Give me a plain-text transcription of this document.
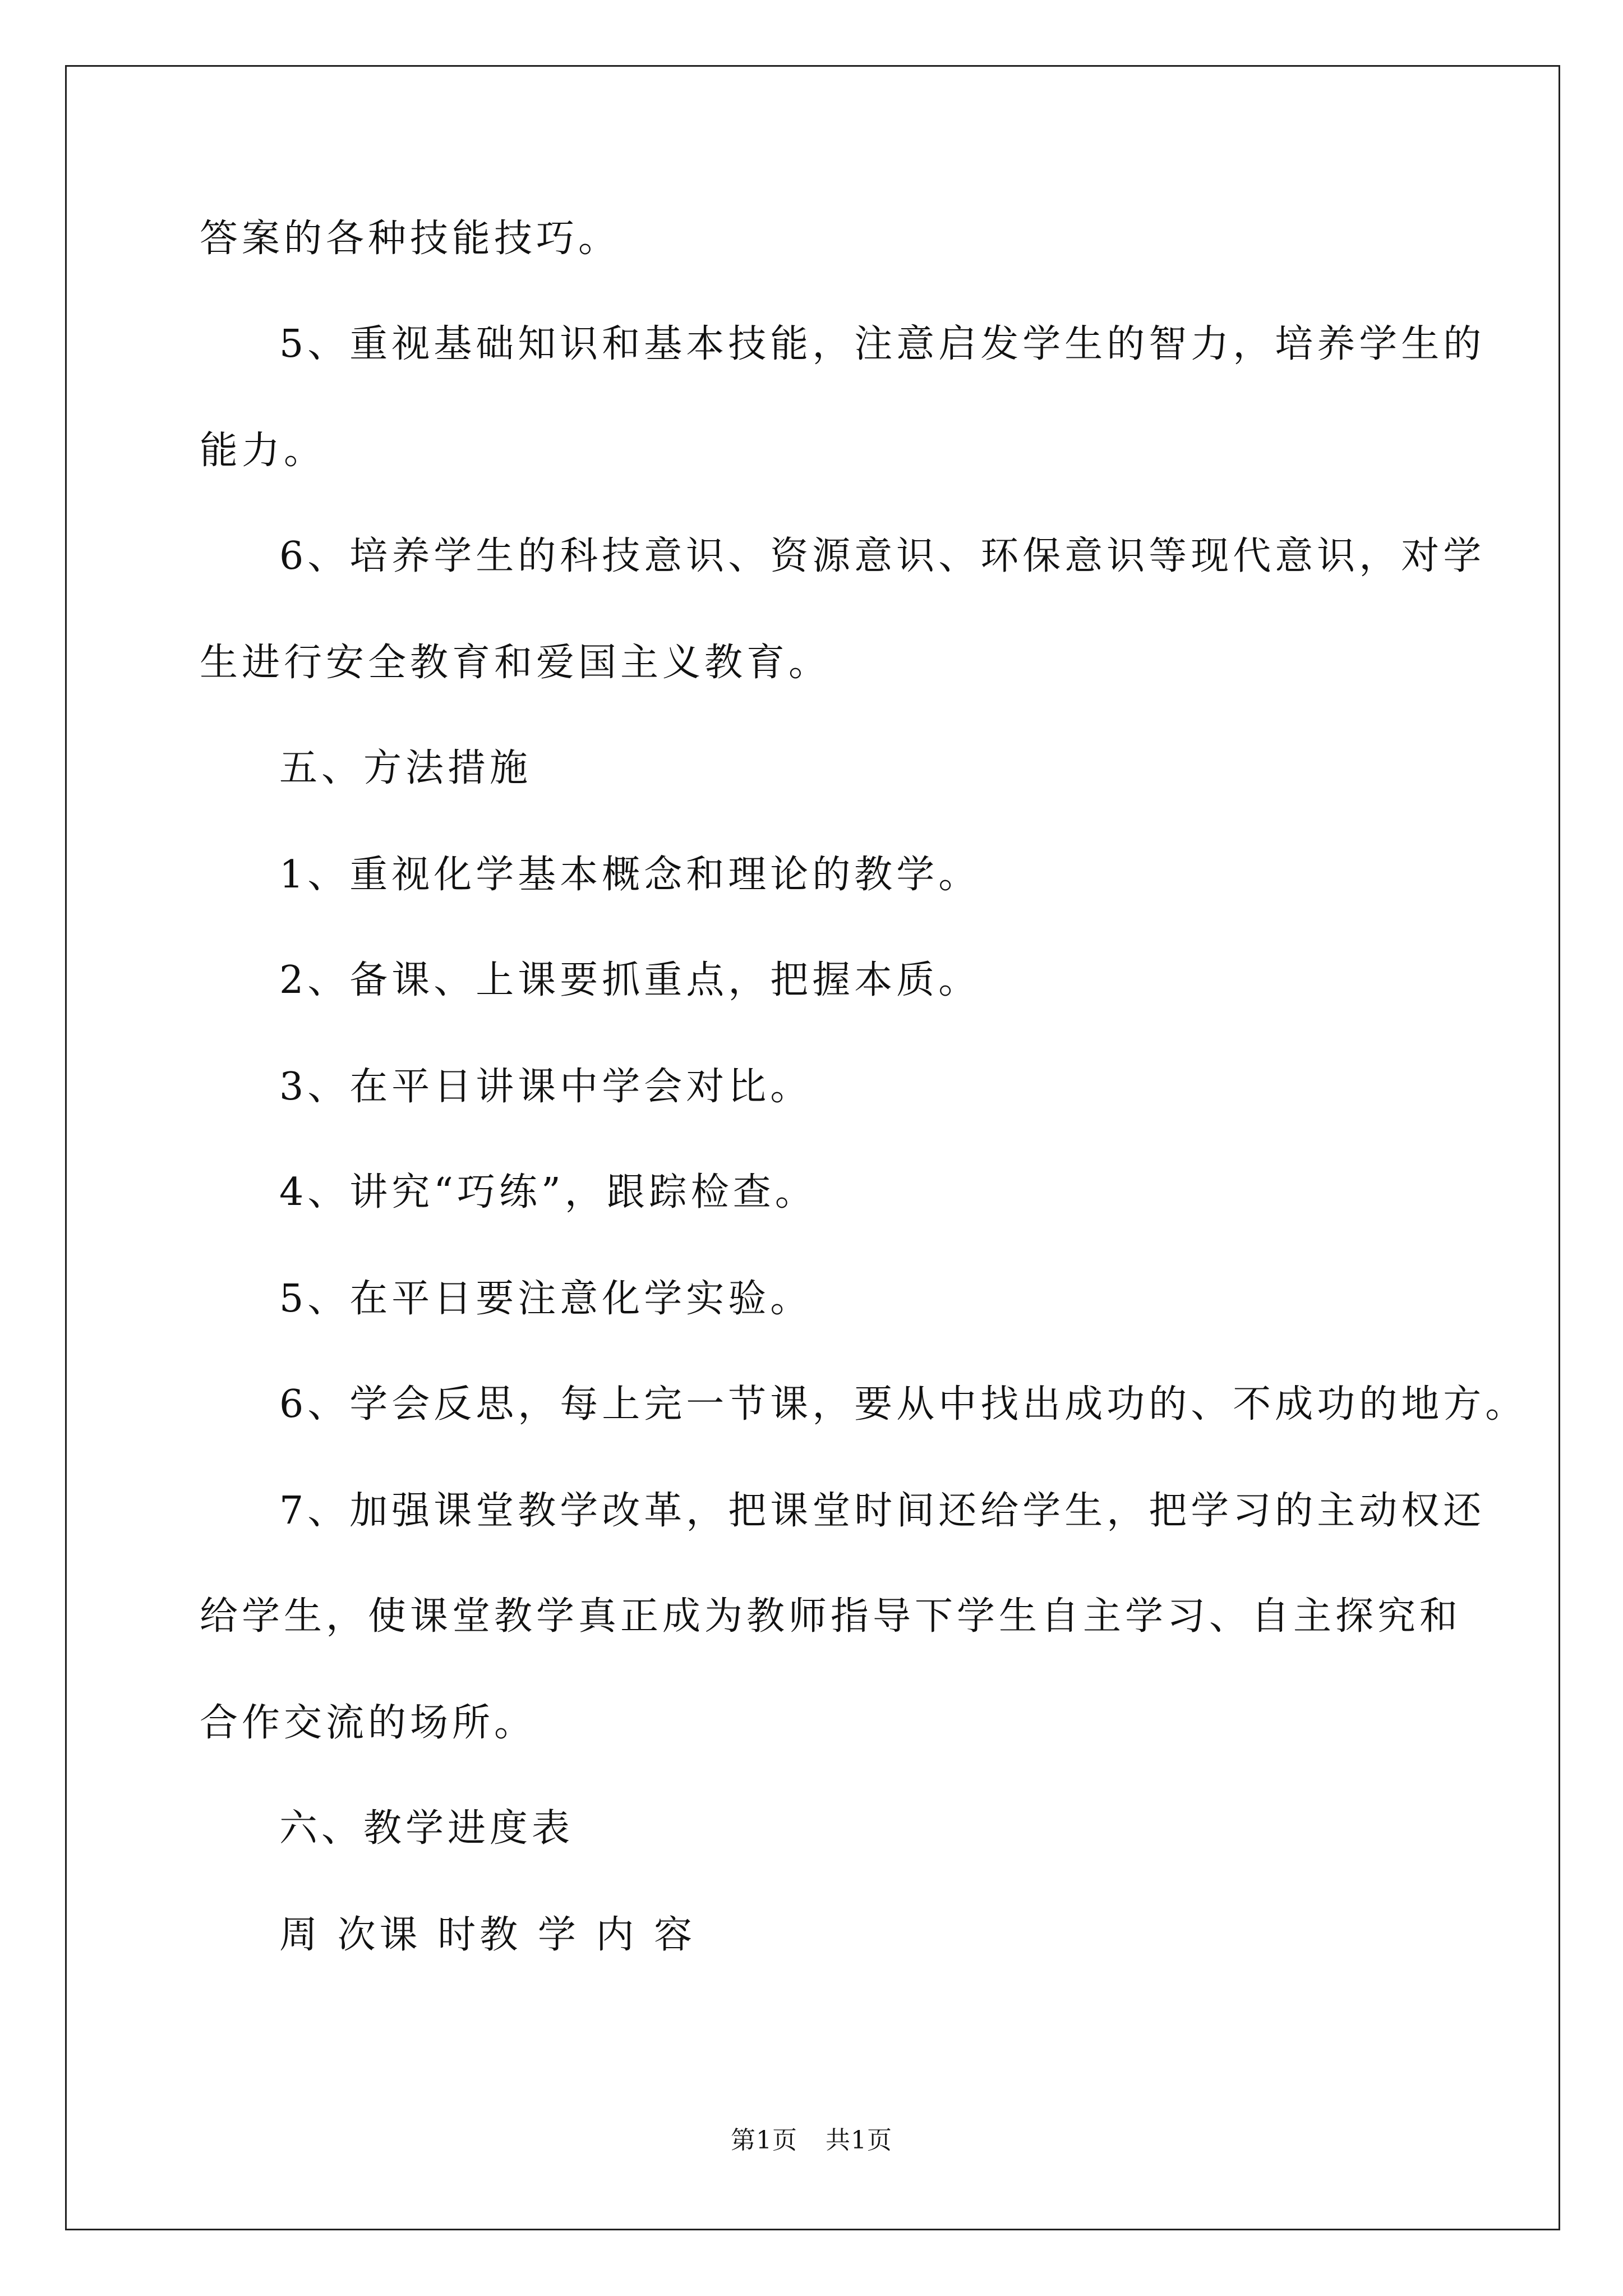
答案的各种技能技巧。
5、重视基础知识和基本技能，注意启发学生的智力，培养学生的
能力。
6、培养学生的科技意识、资源意识、环保意识等现代意识，对学
生进行安全教育和爱国主义教育。
五、方法措施
1、重视化学基本概念和理论的教学。
2、备课、上课要抓重点，把握本质。
3、在平日讲课中学会对比。
4、讲究“巧练”，跟踪检查。
5、在平日要注意化学实验。
6、学会反思，每上完一节课，要从中找出成功的、不成功的地方。
7、加强课堂教学改革，把课堂时间还给学生，把学习的主动权还
给学生，使课堂教学真正成为教师指导下学生自主学习、自主探究和
合作交流的场所。
六、教学进度表
周 次课 时教 学 内 容
第1页 共1页
